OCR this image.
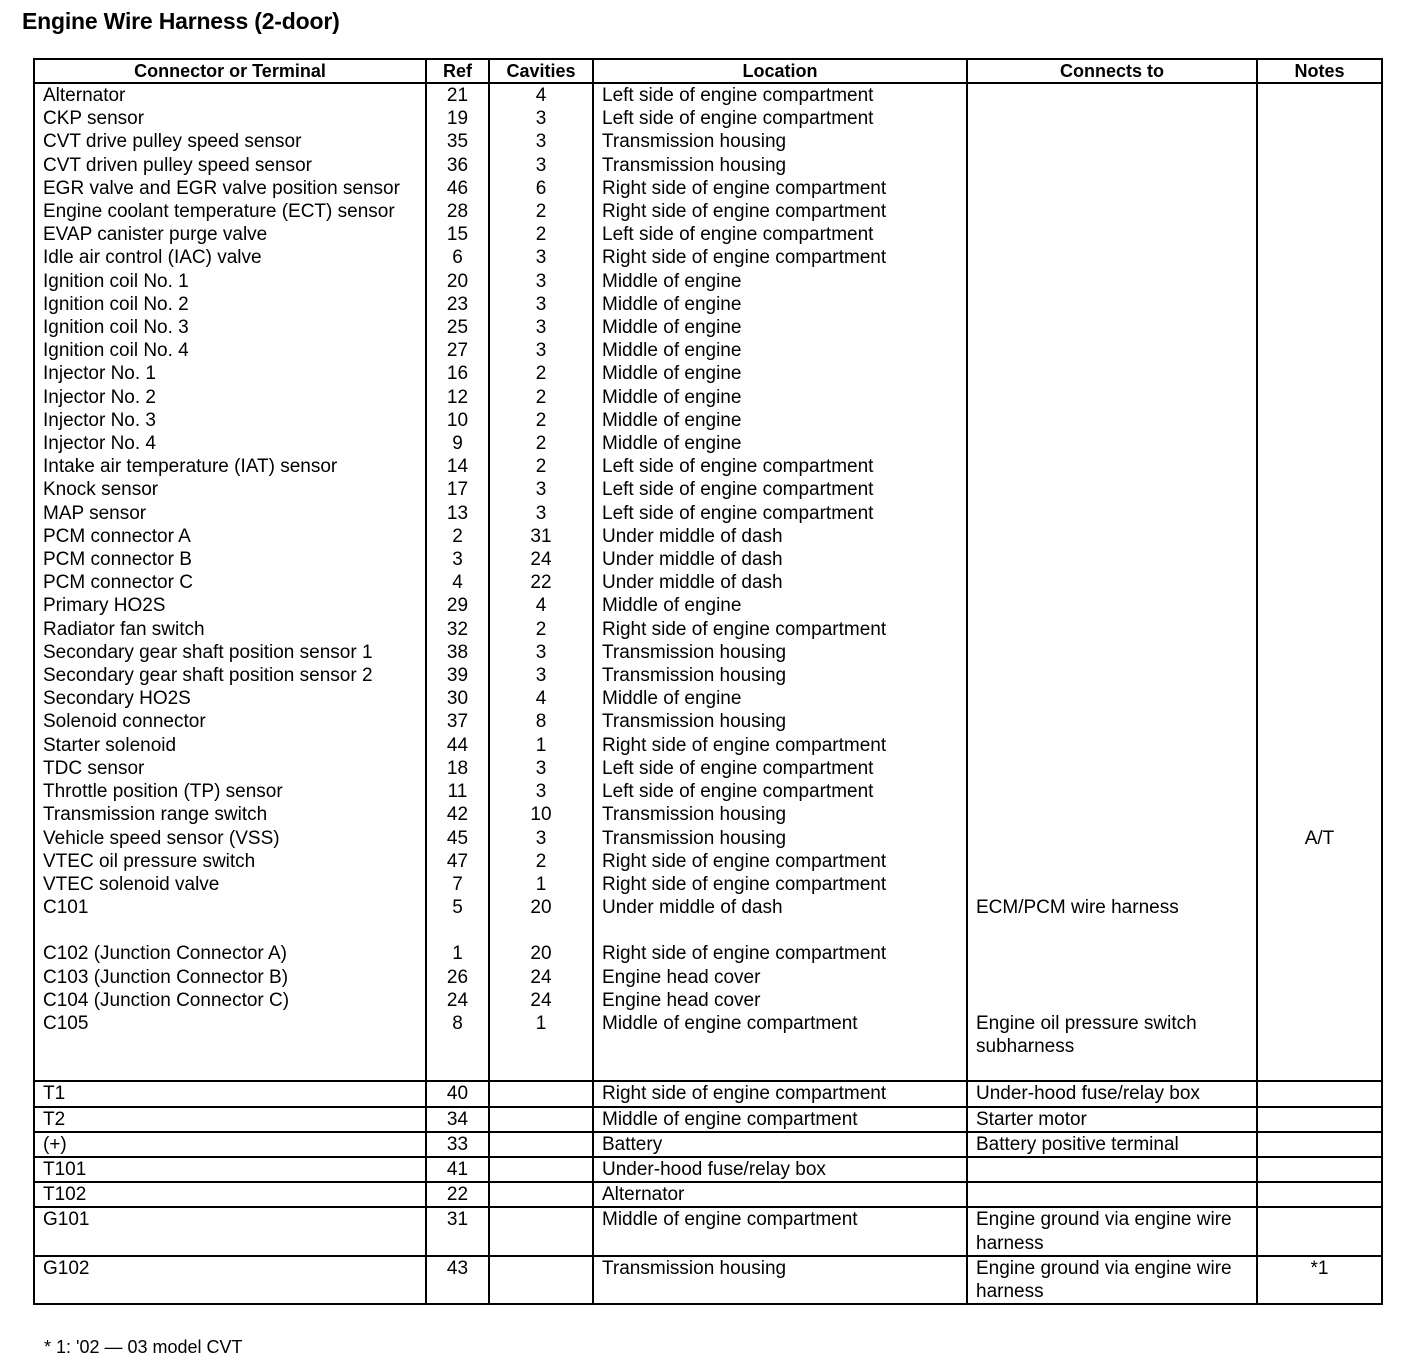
Engine Wire Harness (2-door)
Connector or Terminal	Ref	Cavities	Location	Connects to	Notes
Alternator	21	4	Left side of engine compartment		
CKP sensor	19	3	Left side of engine compartment		
CVT drive pulley speed sensor	35	3	Transmission housing		
CVT driven pulley speed sensor	36	3	Transmission housing		
EGR valve and EGR valve position sensor	46	6	Right side of engine compartment		
Engine coolant temperature (ECT) sensor	28	2	Right side of engine compartment		
EVAP canister purge valve	15	2	Left side of engine compartment		
Idle air control (IAC) valve	6	3	Right side of engine compartment		
Ignition coil No. 1	20	3	Middle of engine		
Ignition coil No. 2	23	3	Middle of engine		
Ignition coil No. 3	25	3	Middle of engine		
Ignition coil No. 4	27	3	Middle of engine		
Injector No. 1	16	2	Middle of engine		
Injector No. 2	12	2	Middle of engine		
Injector No. 3	10	2	Middle of engine		
Injector No. 4	9	2	Middle of engine		
Intake air temperature (IAT) sensor	14	2	Left side of engine compartment		
Knock sensor	17	3	Left side of engine compartment		
MAP sensor	13	3	Left side of engine compartment		
PCM connector A	2	31	Under middle of dash		
PCM connector B	3	24	Under middle of dash		
PCM connector C	4	22	Under middle of dash		
Primary HO2S	29	4	Middle of engine		
Radiator fan switch	32	2	Right side of engine compartment		
Secondary gear shaft position sensor 1	38	3	Transmission housing		
Secondary gear shaft position sensor 2	39	3	Transmission housing		
Secondary HO2S	30	4	Middle of engine		
Solenoid connector	37	8	Transmission housing		
Starter solenoid	44	1	Right side of engine compartment		
TDC sensor	18	3	Left side of engine compartment		
Throttle position (TP) sensor	11	3	Left side of engine compartment		
Transmission range switch	42	10	Transmission housing		
Vehicle speed sensor (VSS)	45	3	Transmission housing		A/T
VTEC oil pressure switch	47	2	Right side of engine compartment		
VTEC solenoid valve	7	1	Right side of engine compartment		
C101	5	20	Under middle of dash	ECM/PCM wire harness	
C102 (Junction Connector A)	1	20	Right side of engine compartment		
C103 (Junction Connector B)	26	24	Engine head cover		
C104 (Junction Connector C)	24	24	Engine head cover		
C105	8	1	Middle of engine compartment	Engine oil pressure switch subharness	
T1	40		Right side of engine compartment	Under-hood fuse/relay box	
T2	34		Middle of engine compartment	Starter motor	
(+)	33		Battery	Battery positive terminal	
T101	41		Under-hood fuse/relay box		
T102	22		Alternator		
G101	31		Middle of engine compartment	Engine ground via engine wire harness	
G102	43		Transmission housing	Engine ground via engine wire harness	*1
* 1: '02 — 03 model CVT
